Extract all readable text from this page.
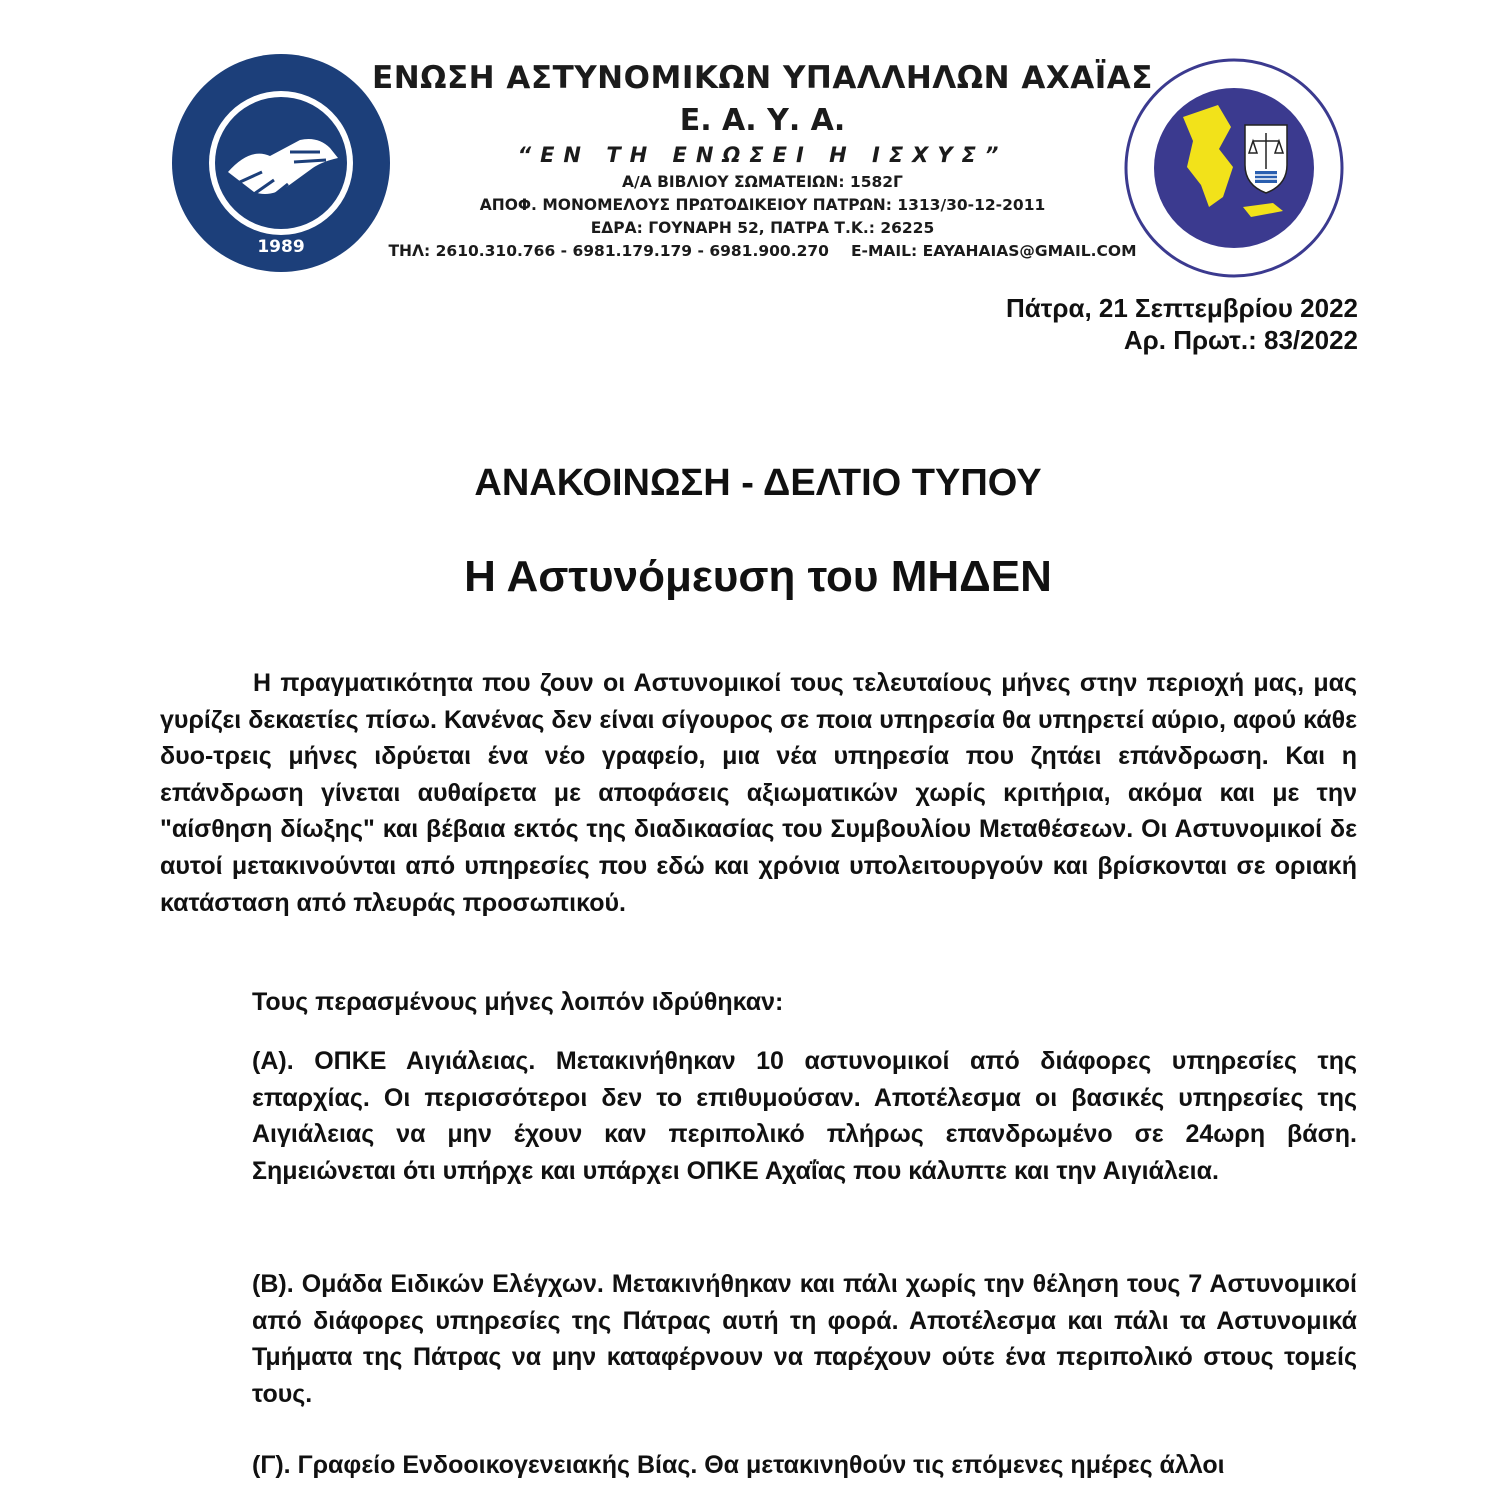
1989
ΕΝΩΣΗ ΑΣΤΥΝΟΜΙΚΩΝ ΥΠΑΛΛΗΛΩΝ ΑΧΑΪΑΣ
Ε. Α. Υ. Α.
“ΕΝ ΤΗ ΕΝΩΣΕΙ Η ΙΣΧΥΣ”
Α/Α ΒΙΒΛΙΟΥ ΣΩΜΑΤΕΙΩΝ: 1582Γ
ΑΠΟΦ. ΜΟΝΟΜΕΛΟΥΣ ΠΡΩΤΟΔΙΚΕΙΟΥ ΠΑΤΡΩΝ: 1313/30-12-2011
ΕΔΡΑ: ΓΟΥΝΑΡΗ 52, ΠΑΤΡΑ Τ.Κ.: 26225
ΤΗΛ: 2610.310.766 - 6981.179.179 - 6981.900.270 E-MAIL: EAYAHAIAS@GMAIL.COM
Πάτρα, 21 Σεπτεμβρίου 2022
Αρ. Πρωτ.: 83/2022
ΑΝΑΚΟΙΝΩΣΗ - ΔΕΛΤΙΟ ΤΥΠΟΥ
Η Αστυνόμευση του ΜΗΔΕΝ

Η πραγματικότητα που ζουν οι Αστυνομικοί τους τελευταίους μήνες στην περιοχή μας, μας γυρίζει δεκαετίες πίσω. Κανένας δεν είναι σίγουρος σε ποια υπηρεσία θα υπηρετεί αύριο, αφού κάθε δυο-τρεις μήνες ιδρύεται ένα νέο γραφείο, μια νέα υπηρεσία που ζητάει επάνδρωση. Και η επάνδρωση γίνεται αυθαίρετα με αποφάσεις αξιωματικών χωρίς κριτήρια, ακόμα και με την "αίσθηση δίωξης" και βέβαια εκτός της διαδικασίας του Συμβουλίου Μεταθέσεων. Οι Αστυνομικοί δε αυτοί μετακινούνται από υπηρεσίες που εδώ και χρόνια υπολειτουργούν και βρίσκονται σε οριακή κατάσταση από πλευράς προσωπικού.

Τους περασμένους μήνες λοιπόν ιδρύθηκαν:

(Α). ΟΠΚΕ Αιγιάλειας. Μετακινήθηκαν 10 αστυνομικοί από διάφορες υπηρεσίες της επαρχίας. Οι περισσότεροι δεν το επιθυμούσαν. Αποτέλεσμα οι βασικές υπηρεσίες της Αιγιάλειας να μην έχουν καν περιπολικό πλήρως επανδρωμένο σε 24ωρη βάση. Σημειώνεται ότι υπήρχε και υπάρχει ΟΠΚΕ Αχαΐας που κάλυπτε και την Αιγιάλεια.

(Β). Ομάδα Ειδικών Ελέγχων. Μετακινήθηκαν και πάλι χωρίς την θέληση τους 7 Αστυνομικοί από διάφορες υπηρεσίες της Πάτρας αυτή τη φορά. Αποτέλεσμα και πάλι τα Αστυνομικά Τμήματα της Πάτρας να μην καταφέρνουν να παρέχουν ούτε ένα περιπολικό στους τομείς τους.

(Γ). Γραφείο Ενδοοικογενειακής Βίας. Θα μετακινηθούν τις επόμενες ημέρες άλλοι
